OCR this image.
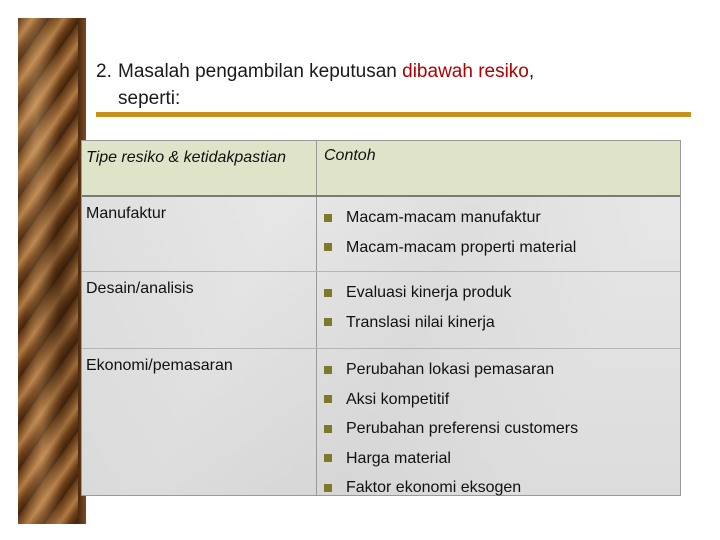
2. Masalah pengambilan keputusan dibawah resiko,
seperti:

Tipe resiko & ketidakpastian	Contoh
Manufaktur	Macam-macam manufaktur
Macam-macam properti material
Desain/analisis	Evaluasi kinerja produk
Translasi nilai kinerja
Ekonomi/pemasaran	Perubahan lokasi pemasaran
Aksi kompetitif
Perubahan preferensi customers
Harga material
Faktor ekonomi eksogen
